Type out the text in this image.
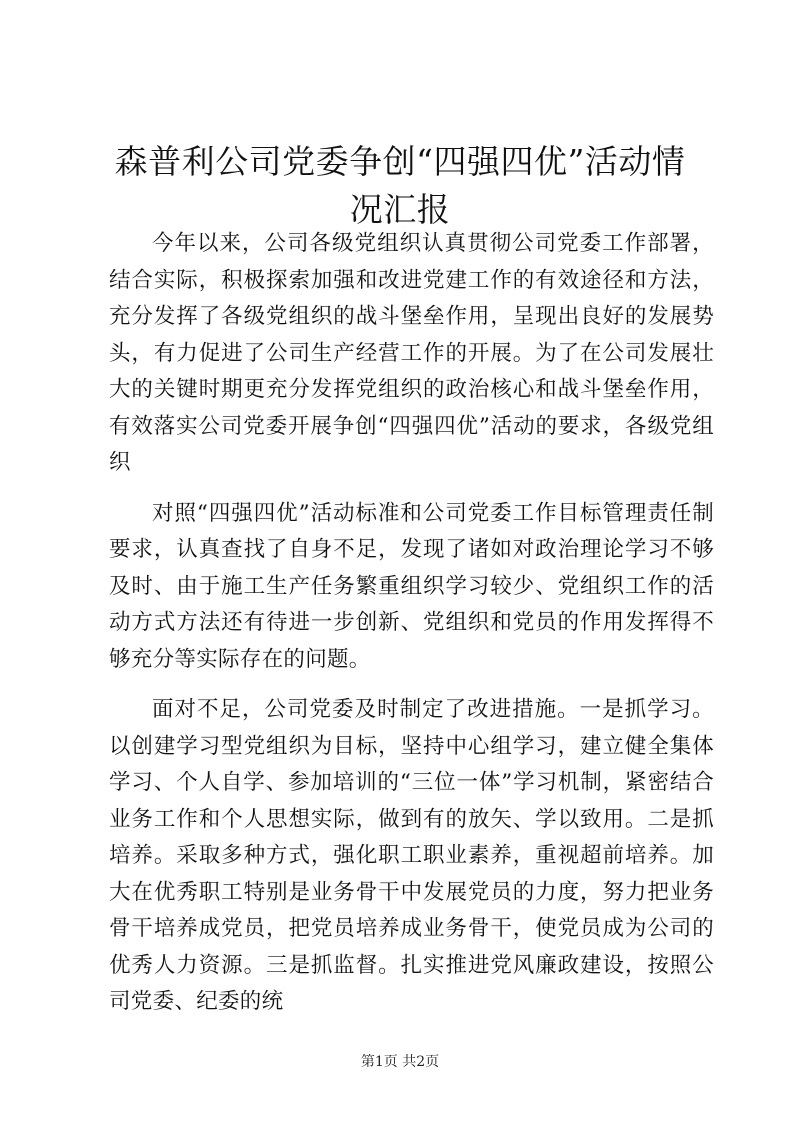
森普利公司党委争创“四强四优”活动情况汇报

今年以来，公司各级党组织认真贯彻公司党委工作部署，结合实际，积极探索加强和改进党建工作的有效途径和方法，充分发挥了各级党组织的战斗堡垒作用，呈现出良好的发展势头，有力促进了公司生产经营工作的开展。为了在公司发展壮大的关键时期更充分发挥党组织的政治核心和战斗堡垒作用，有效落实公司党委开展争创“四强四优”活动的要求，各级党组织

对照“四强四优”活动标准和公司党委工作目标管理责任制要求，认真查找了自身不足，发现了诸如对政治理论学习不够及时、由于施工生产任务繁重组织学习较少、党组织工作的活动方式方法还有待进一步创新、党组织和党员的作用发挥得不够充分等实际存在的问题。

面对不足，公司党委及时制定了改进措施。一是抓学习。以创建学习型党组织为目标，坚持中心组学习，建立健全集体学习、个人自学、参加培训的“三位一体”学习机制，紧密结合业务工作和个人思想实际，做到有的放矢、学以致用。二是抓培养。采取多种方式，强化职工职业素养，重视超前培养。加大在优秀职工特别是业务骨干中发展党员的力度，努力把业务骨干培养成党员，把党员培养成业务骨干，使党员成为公司的优秀人力资源。三是抓监督。扎实推进党风廉政建设，按照公司党委、纪委的统

第1页 共2页
